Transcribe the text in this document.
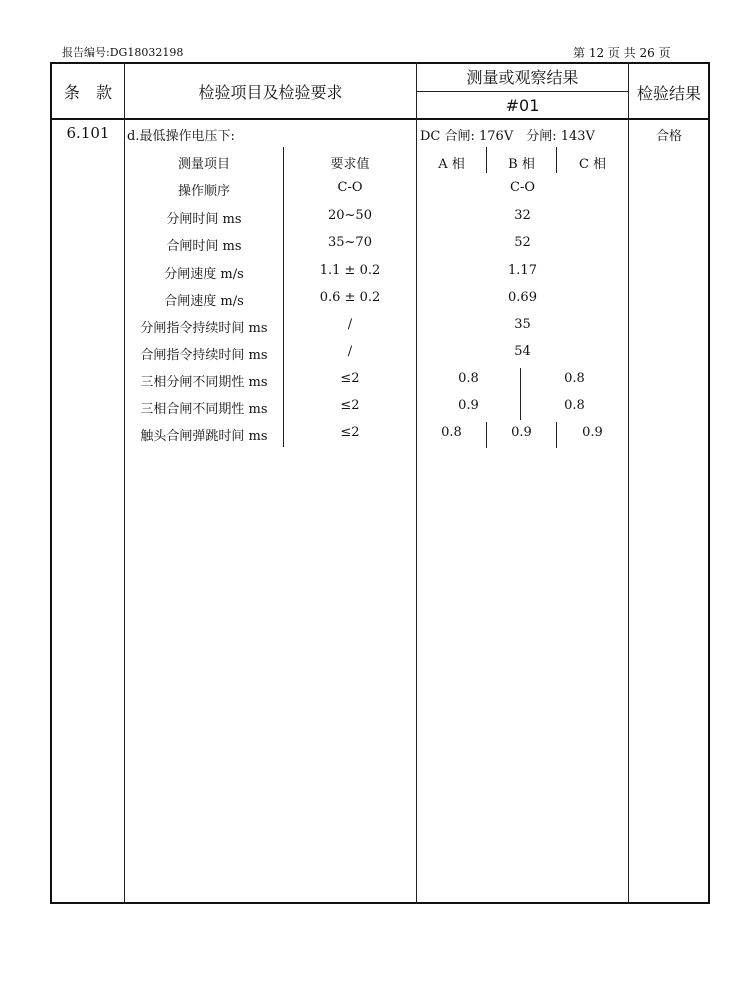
报告编号:DG18032198	第 12 页 共 26 页
条　款	检验项目及检验要求
测量或观察结果
#01
检验结果
6.101	d.最低操作电压下:	DC 合闸: 176V　分闸: 143V	合格
测量项目	要求值	A 相	B 相	C 相
操作顺序	C-O	C-O
分闸时间 ms	20~50	32
合闸时间 ms	35~70	52
分闸速度 m/s	1.1 ± 0.2	1.17
合闸速度 m/s	0.6 ± 0.2	0.69
分闸指令持续时间 ms	/	35
合闸指令持续时间 ms	/	54
三相分闸不同期性 ms	≤2	0.8	0.8
三相合闸不同期性 ms	≤2	0.9	0.8
触头合闸弹跳时间 ms	≤2	0.8	0.9	0.9
